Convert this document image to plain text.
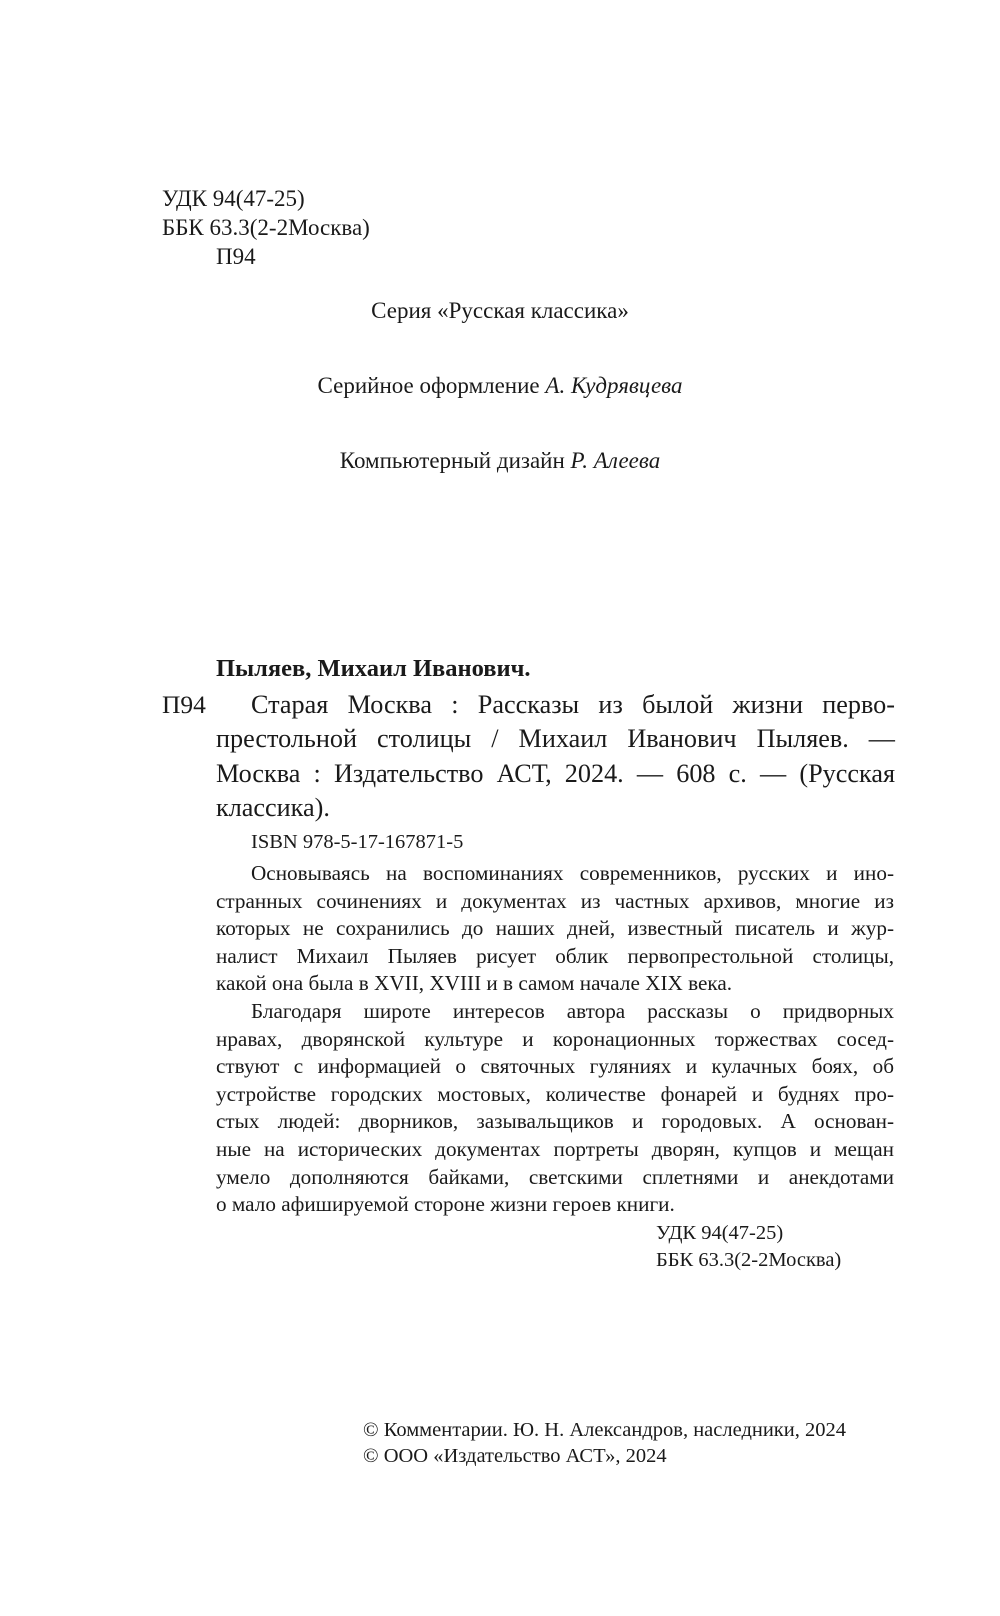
УДК 94(47-25)
ББК 63.3(2-2Москва)
П94
Серия «Русская классика»
Серийное оформление А. Кудрявцева
Компьютерный дизайн Р. Алеева
Пыляев, Михаил Иванович.
П94	Старая Москва : Рассказы из былой жизни перво-
престольной столицы / Михаил Иванович Пыляев. —
Москва : Издательство АСТ, 2024. — 608 с. — (Русская
классика).
ISBN 978-5-17-167871-5
Основываясь на воспоминаниях современников, русских и ино-
странных сочинениях и документах из частных архивов, многие из
которых не сохранились до наших дней, известный писатель и жур-
налист Михаил Пыляев рисует облик первопрестольной столицы,
какой она была в XVII, XVIII и в самом начале XIX века.
Благодаря широте интересов автора рассказы о придворных
нравах, дворянской культуре и коронационных торжествах сосед-
ствуют с информацией о святочных гуляниях и кулачных боях, об
устройстве городских мостовых, количестве фонарей и буднях про-
стых людей: дворников, зазывальщиков и городовых. А основан-
ные на исторических документах портреты дворян, купцов и мещан
умело дополняются байками, светскими сплетнями и анекдотами
о мало афишируемой стороне жизни героев книги.
УДК 94(47-25)
ББК 63.3(2-2Москва)
© Комментарии. Ю. Н. Александров, наследники, 2024
© ООО «Издательство АСТ», 2024
